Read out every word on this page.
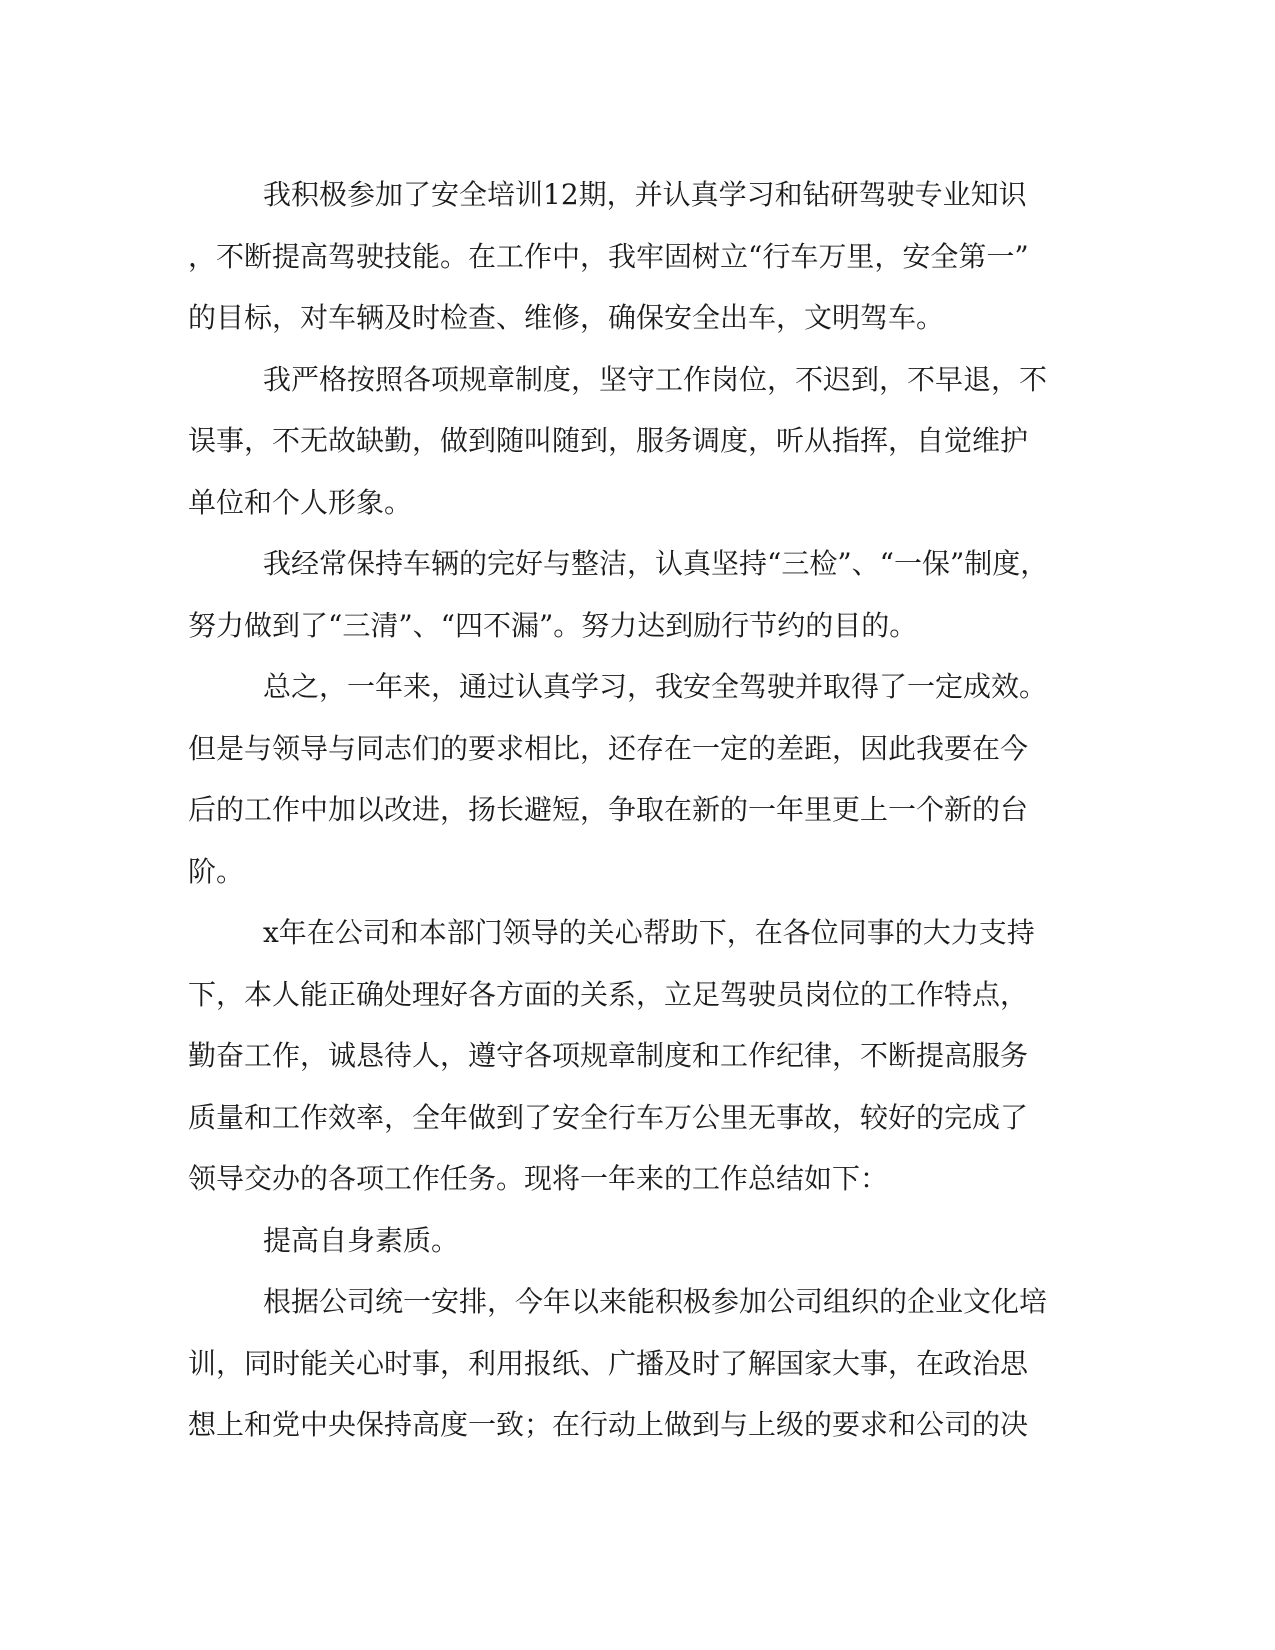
我积极参加了安全培训12期，并认真学习和钻研驾驶专业知识
，不断提高驾驶技能。在工作中，我牢固树立“行车万里，安全第一”
的目标，对车辆及时检查、维修，确保安全出车，文明驾车。
我严格按照各项规章制度，坚守工作岗位，不迟到，不早退，不
误事，不无故缺勤，做到随叫随到，服务调度，听从指挥，自觉维护
单位和个人形象。
我经常保持车辆的完好与整洁，认真坚持“三检”、“一保”制度，
努力做到了“三清”、“四不漏”。努力达到励行节约的目的。
总之，一年来，通过认真学习，我安全驾驶并取得了一定成效。
但是与领导与同志们的要求相比，还存在一定的差距，因此我要在今
后的工作中加以改进，扬长避短，争取在新的一年里更上一个新的台
阶。
x年在公司和本部门领导的关心帮助下，在各位同事的大力支持
下，本人能正确处理好各方面的关系，立足驾驶员岗位的工作特点，
勤奋工作，诚恳待人，遵守各项规章制度和工作纪律，不断提高服务
质量和工作效率，全年做到了安全行车万公里无事故，较好的完成了
领导交办的各项工作任务。现将一年来的工作总结如下：
提高自身素质。
根据公司统一安排，今年以来能积极参加公司组织的企业文化培
训，同时能关心时事，利用报纸、广播及时了解国家大事，在政治思
想上和党中央保持高度一致；在行动上做到与上级的要求和公司的决
